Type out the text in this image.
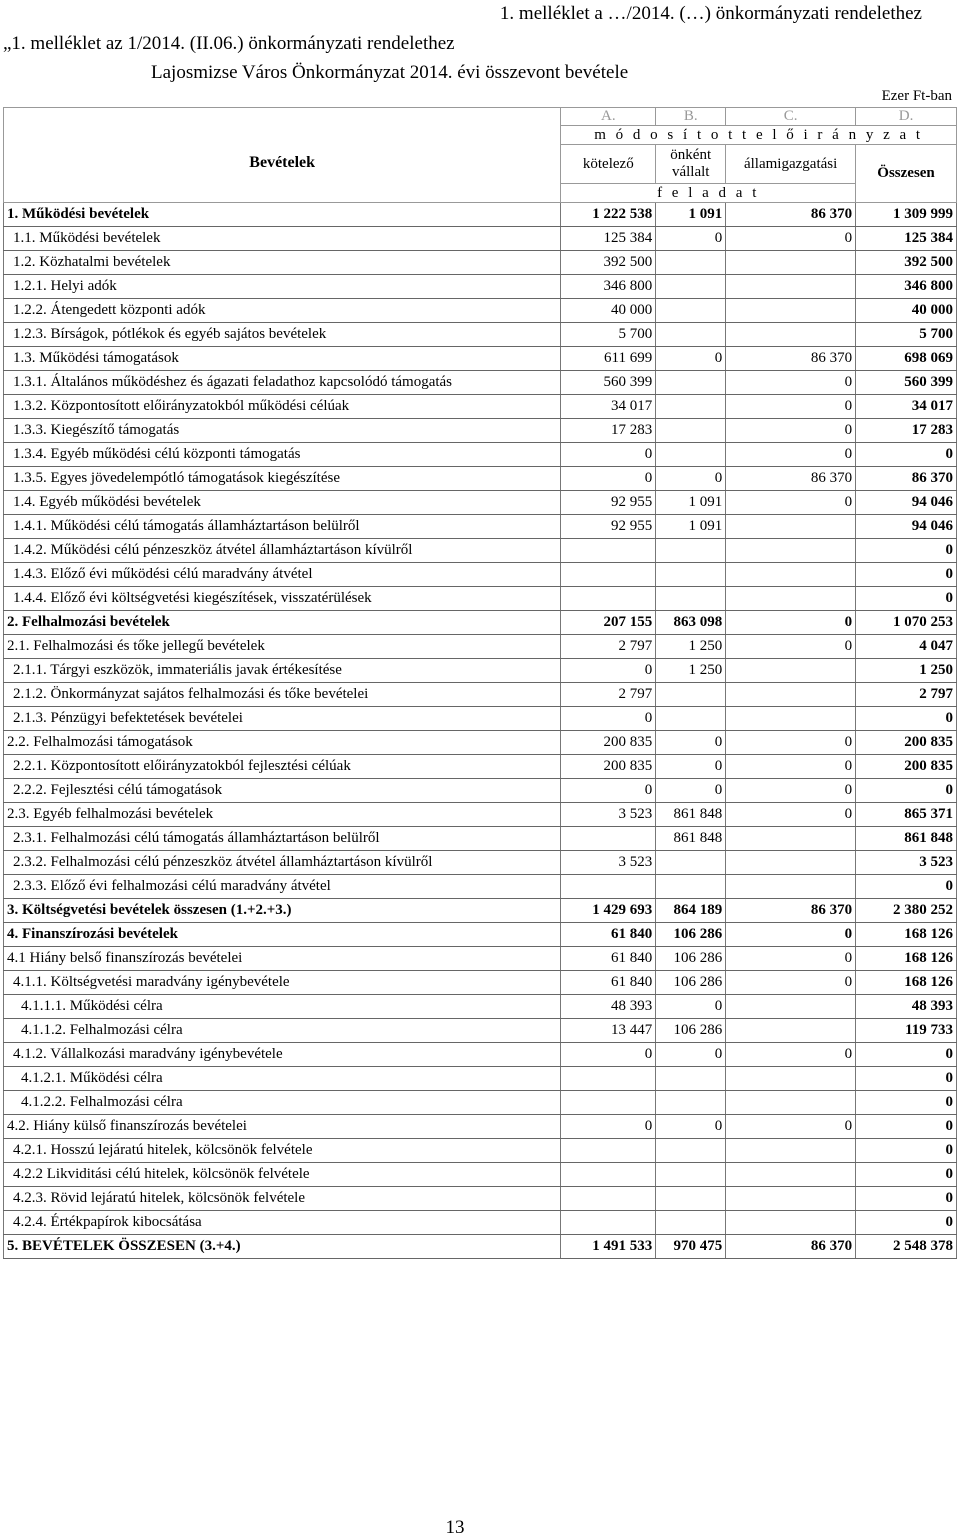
1. melléklet a …/2014. (…) önkormányzati rendelethez
„1. melléklet az 1/2014. (II.06.) önkormányzati rendelethez
Lajosmizse Város Önkormányzat 2014. évi összevont bevétele
Ezer Ft-ban
Bevételek	A.	B.	C.	D.
	m ó d o s í t o t t e l ő i r á n y z a t			
	kötelező	önként vállalt	államigazgatási	Összesen
	f e l a d a t			
1. Működési bevételek	1 222 538	1 091	86 370	1 309 999
1.1. Működési bevételek	125 384	0	0	125 384
1.2. Közhatalmi bevételek	392 500			392 500
1.2.1. Helyi adók	346 800			346 800
1.2.2. Átengedett központi adók	40 000			40 000
1.2.3. Bírságok, pótlékok és egyéb sajátos bevételek	5 700			5 700
1.3. Működési támogatások	611 699	0	86 370	698 069
1.3.1. Általános működéshez és ágazati feladathoz kapcsolódó támogatás	560 399		0	560 399
1.3.2. Központosított előirányzatokból működési célúak	34 017		0	34 017
1.3.3. Kiegészítő támogatás	17 283		0	17 283
1.3.4. Egyéb működési célú központi támogatás	0		0	0
1.3.5. Egyes jövedelempótló támogatások kiegészítése	0	0	86 370	86 370
1.4. Egyéb működési bevételek	92 955	1 091	0	94 046
1.4.1. Működési célú támogatás államháztartáson belülről	92 955	1 091		94 046
1.4.2. Működési célú pénzeszköz átvétel államháztartáson kívülről				0
1.4.3. Előző évi működési célú maradvány átvétel				0
1.4.4. Előző évi költségvetési kiegészítések, visszatérülések				0
2. Felhalmozási bevételek	207 155	863 098	0	1 070 253
2.1. Felhalmozási és tőke jellegű bevételek	2 797	1 250	0	4 047
2.1.1. Tárgyi eszközök, immateriális javak értékesítése	0	1 250		1 250
2.1.2. Önkormányzat sajátos felhalmozási és tőke bevételei	2 797			2 797
2.1.3. Pénzügyi befektetések bevételei	0			0
2.2. Felhalmozási támogatások	200 835	0	0	200 835
2.2.1. Központosított előirányzatokból fejlesztési célúak	200 835	0	0	200 835
2.2.2. Fejlesztési célú támogatások	0	0	0	0
2.3. Egyéb felhalmozási bevételek	3 523	861 848	0	865 371
2.3.1. Felhalmozási célú támogatás államháztartáson belülről		861 848		861 848
2.3.2. Felhalmozási célú pénzeszköz átvétel államháztartáson kívülről	3 523			3 523
2.3.3. Előző évi felhalmozási célú maradvány átvétel				0
3. Költségvetési bevételek összesen (1.+2.+3.)	1 429 693	864 189	86 370	2 380 252
4. Finanszírozási bevételek	61 840	106 286	0	168 126
4.1 Hiány belső finanszírozás bevételei	61 840	106 286	0	168 126
4.1.1. Költségvetési maradvány igénybevétele	61 840	106 286	0	168 126
4.1.1.1. Működési célra	48 393	0		48 393
4.1.1.2. Felhalmozási célra	13 447	106 286		119 733
4.1.2. Vállalkozási maradvány igénybevétele	0	0	0	0
4.1.2.1. Működési célra				0
4.1.2.2. Felhalmozási célra				0
4.2. Hiány külső finanszírozás bevételei	0	0	0	0
4.2.1. Hosszú lejáratú hitelek, kölcsönök felvétele				0
4.2.2 Likviditási célú hitelek, kölcsönök felvétele				0
4.2.3. Rövid lejáratú hitelek, kölcsönök felvétele				0
4.2.4. Értékpapírok kibocsátása				0
5. BEVÉTELEK ÖSSZESEN (3.+4.)	1 491 533	970 475	86 370	2 548 378
13
